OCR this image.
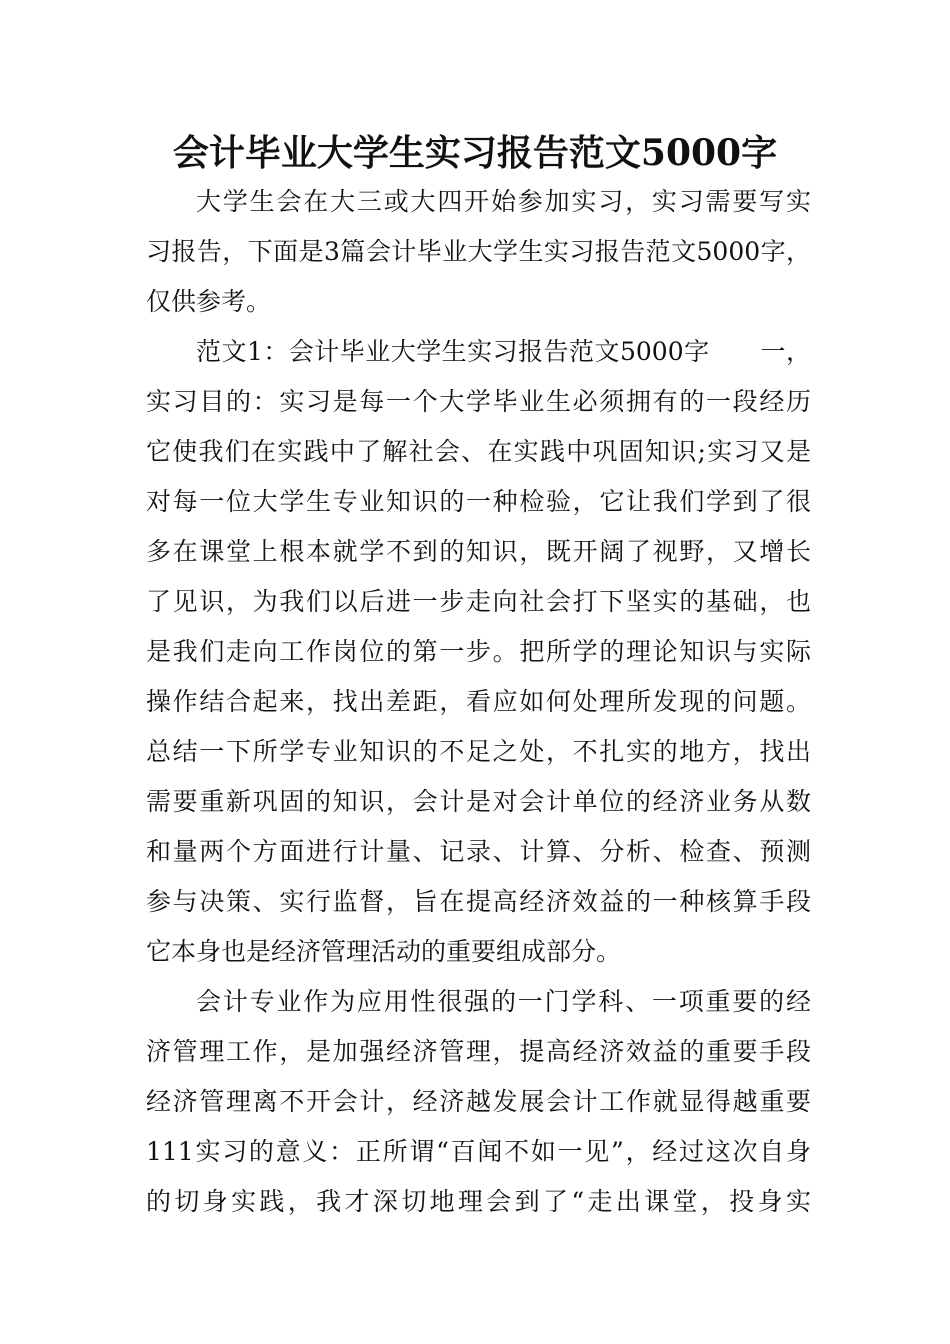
会计毕业大学生实习报告范文5000字

大学生会在大三或大四开始参加实习，实习需要写实

习报告，下面是3篇会计毕业大学生实习报告范文5000字，

仅供参考。

范文1：会计毕业大学生实习报告范文5000字　　一，

实习目的：实习是每一个大学毕业生必须拥有的一段经历

它使我们在实践中了解社会、在实践中巩固知识;实习又是

对每一位大学生专业知识的一种检验，它让我们学到了很

多在课堂上根本就学不到的知识，既开阔了视野，又增长

了见识，为我们以后进一步走向社会打下坚实的基础，也

是我们走向工作岗位的第一步。把所学的理论知识与实际

操作结合起来，找出差距，看应如何处理所发现的问题。

总结一下所学专业知识的不足之处，不扎实的地方，找出

需要重新巩固的知识，会计是对会计单位的经济业务从数

和量两个方面进行计量、记录、计算、分析、检查、预测

参与决策、实行监督，旨在提高经济效益的一种核算手段

它本身也是经济管理活动的重要组成部分。

会计专业作为应用性很强的一门学科、一项重要的经

济管理工作，是加强经济管理，提高经济效益的重要手段

经济管理离不开会计，经济越发展会计工作就显得越重要

111实习的意义：正所谓“百闻不如一见”，经过这次自身

的切身实践，我才深切地理会到了“走出课堂，投身实
